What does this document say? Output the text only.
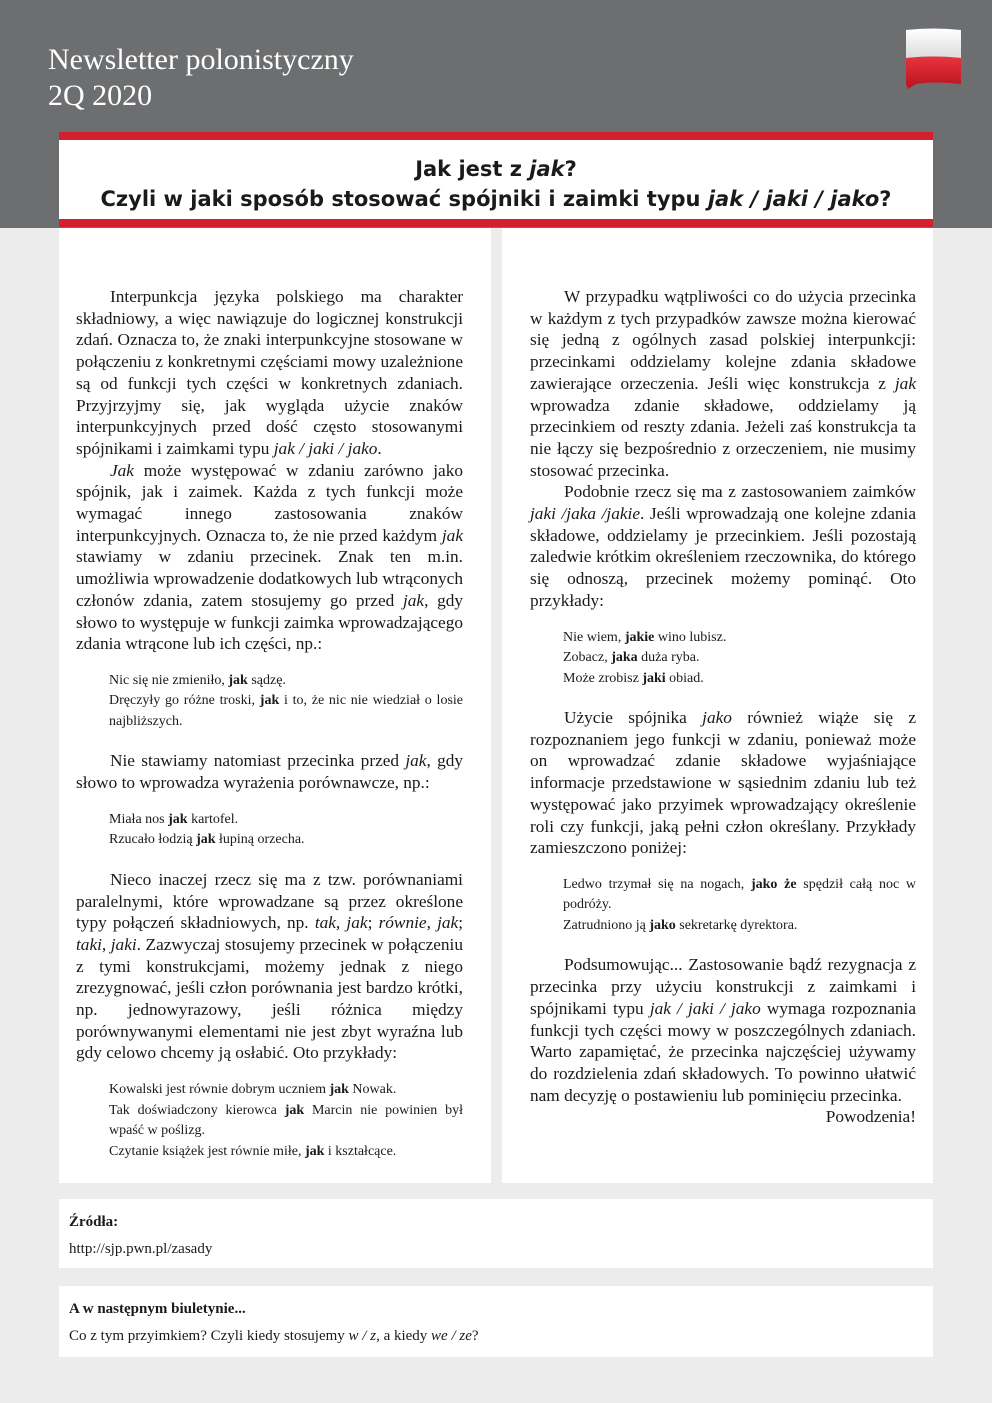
Newsletter polonistyczny
2Q 2020
Jak jest z jak?
Czyli w jaki sposób stosować spójniki i zaimki typu jak / jaki / jako?

Interpunkcja języka polskiego ma charakter składniowy, a więc nawiązuje do logicznej konstrukcji zdań. Oznacza to, że znaki interpunkcyjne stosowane w połączeniu z konkretnymi częściami mowy uzależnione są od funkcji tych części w konkretnych zdaniach. Przyjrzyjmy się, jak wygląda użycie znaków interpunkcyjnych przed dość często stosowanymi spójnikami i zaimkami typu jak / jaki / jako.

Jak może występować w zdaniu zarówno jako spójnik, jak i zaimek. Każda z tych funkcji może wymagać innego zastosowania znaków interpunkcyjnych. Oznacza to, że nie przed każdym jak stawiamy w zdaniu przecinek. Znak ten m.in. umożliwia wprowadzenie dodatkowych lub wtrąconych członów zdania, zatem stosujemy go przed jak, gdy słowo to występuje w funkcji zaimka wprowadzającego zdania wtrącone lub ich części, np.:

Nic się nie zmieniło, jak sądzę.
Dręczyły go różne troski, jak i to, że nic nie wiedział o losie najbliższych.

Nie stawiamy natomiast przecinka przed jak, gdy słowo to wprowadza wyrażenia porównawcze, np.:

Miała nos jak kartofel.
Rzucało łodzią jak łupiną orzecha.

Nieco inaczej rzecz się ma z tzw. porównaniami paralelnymi, które wprowadzane są przez określone typy połączeń składniowych, np. tak, jak; równie, jak; taki, jaki. Zazwyczaj stosujemy przecinek w połączeniu z tymi konstrukcjami, możemy jednak z niego zrezygnować, jeśli człon porównania jest bardzo krótki, np. jednowyrazowy, jeśli różnica między porównywanymi elementami nie jest zbyt wyraźna lub gdy celowo chcemy ją osłabić. Oto przykłady:

Kowalski jest równie dobrym uczniem jak Nowak.
Tak doświadczony kierowca jak Marcin nie powinien był wpaść w poślizg.
Czytanie książek jest równie miłe, jak i kształcące.

W przypadku wątpliwości co do użycia przecinka w każdym z tych przypadków zawsze można kierować się jedną z ogólnych zasad polskiej interpunkcji: przecinkami oddzielamy kolejne zdania składowe zawierające orzeczenia. Jeśli więc konstrukcja z jak wprowadza zdanie składowe, oddzielamy ją przecinkiem od reszty zdania. Jeżeli zaś konstrukcja ta nie łączy się bezpośrednio z orzeczeniem, nie musimy stosować przecinka.

Podobnie rzecz się ma z zastosowaniem zaimków jaki /jaka /jakie. Jeśli wprowadzają one kolejne zdania składowe, oddzielamy je przecinkiem. Jeśli pozostają zaledwie krótkim określeniem rzeczownika, do którego się odnoszą, przecinek możemy pominąć. Oto przykłady:

Nie wiem, jakie wino lubisz.
Zobacz, jaka duża ryba.
Może zrobisz jaki obiad.

Użycie spójnika jako również wiąże się z rozpoznaniem jego funkcji w zdaniu, ponieważ może on wprowadzać zdanie składowe wyjaśniające informacje przedstawione w sąsiednim zdaniu lub też występować jako przyimek wprowadzający określenie roli czy funkcji, jaką pełni człon określany. Przykłady zamieszczono poniżej:

Ledwo trzymał się na nogach, jako że spędził całą noc w podróży.
Zatrudniono ją jako sekretarkę dyrektora.

Podsumowując... Zastosowanie bądź rezygnacja z przecinka przy użyciu konstrukcji z zaimkami i spójnikami typu jak / jaki / jako wymaga rozpoznania funkcji tych części mowy w poszczególnych zdaniach. Warto zapamiętać, że przecinka najczęściej używamy do rozdzielenia zdań składowych. To powinno ułatwić nam decyzję o postawieniu lub pominięciu przecinka.

Powodzenia!

Źródła:
http://sjp.pwn.pl/zasady
A w następnym biuletynie...
Co z tym przyimkiem? Czyli kiedy stosujemy w / z, a kiedy we / ze?
